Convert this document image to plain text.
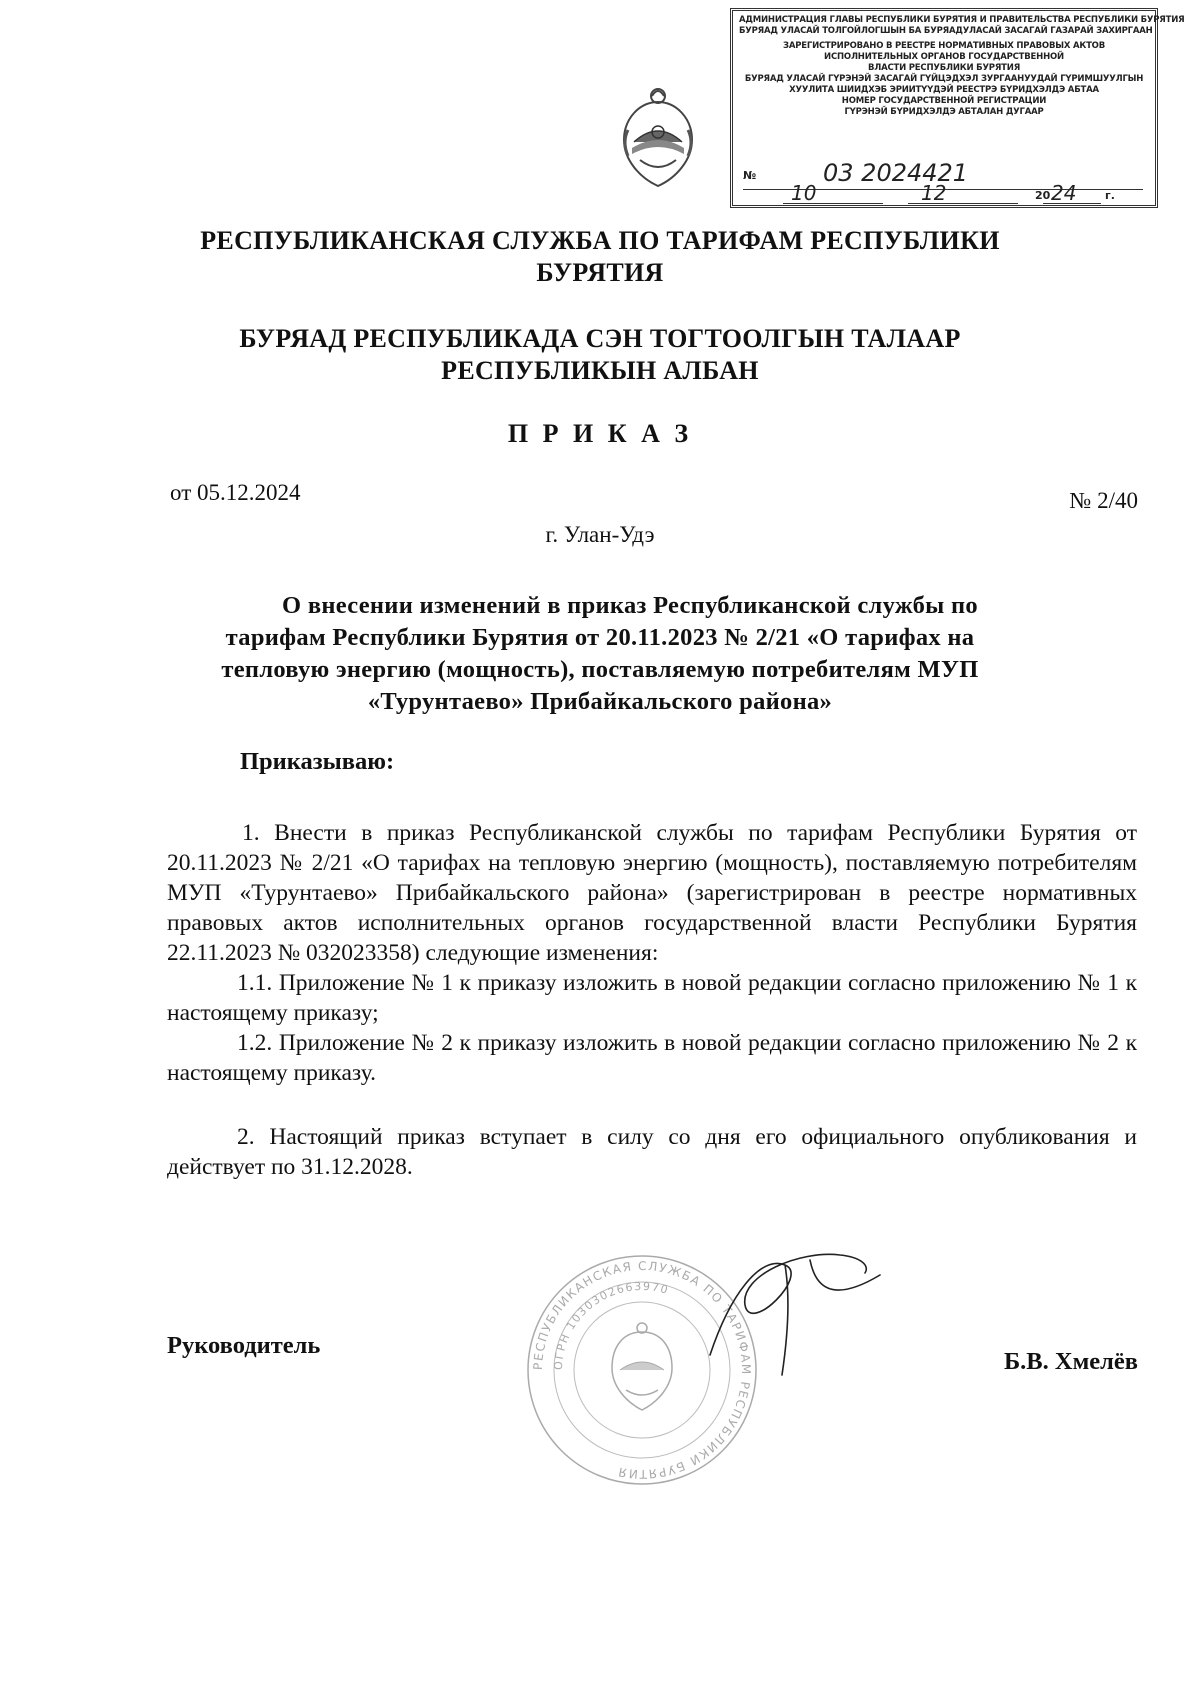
АДМИНИСТРАЦИЯ ГЛАВЫ РЕСПУБЛИКИ БУРЯТИЯ И ПРАВИТЕЛЬСТВА РЕСПУБЛИКИ БУРЯТИЯ
БУРЯАД УЛАСАЙ ТОЛГОЙЛОГШЫН БА БУРЯАДУЛАСАЙ ЗАСАГАЙ ГАЗАРАЙ ЗАХИРГААН
ЗАРЕГИСТРИРОВАНО В РЕЕСТРЕ НОРМАТИВНЫХ ПРАВОВЫХ АКТОВ
ИСПОЛНИТЕЛЬНЫХ ОРГАНОВ ГОСУДАРСТВЕННОЙ
ВЛАСТИ РЕСПУБЛИКИ БУРЯТИЯ
БУРЯАД УЛАСАЙ ГҮРЭНЭЙ ЗАСАГАЙ ГҮЙЦЭДХЭЛ ЗУРГААНУУДАЙ ГҮРИМШУУЛГЫН
ХУУЛИТА ШИИДХЭБ ЭРИИТҮҮДЭЙ РЕЕСТРЭ БҮРИДХЭЛДЭ АБТАА
НОМЕР ГОСУДАРСТВЕННОЙ РЕГИСТРАЦИИ
ГҮРЭНЭЙ БҮРИДХЭЛДЭ АБТАЛАН ДУГААР
№	03 2024421
10	12	20 24	г.
РЕСПУБЛИКАНСКАЯ СЛУЖБА ПО ТАРИФАМ РЕСПУБЛИКИ
БУРЯТИЯ
БУРЯАД РЕСПУБЛИКАДА СЭН ТОГТООЛГЫН ТАЛААР
РЕСПУБЛИКЫН АЛБАН
П Р И К А З
от 05.12.2024	№ 2/40
г. Улан-Удэ
О внесении изменений в приказ Республиканской службы по
тарифам Республики Бурятия от 20.11.2023 № 2/21 «О тарифах на
тепловую энергию (мощность), поставляемую потребителям МУП
«Турунтаево» Прибайкальского района»
Приказываю:

1. Внести в приказ Республиканской службы по тарифам Республики Бурятия от 20.11.2023 № 2/21 «О тарифах на тепловую энергию (мощность), поставляемую потребителям МУП «Турунтаево» Прибайкальского района» (зарегистрирован в реестре нормативных правовых актов исполнительных органов государственной власти Республики Бурятия 22.11.2023 № 032023358) следующие изменения:

1.1. Приложение № 1 к приказу изложить в новой редакции согласно приложению № 1 к настоящему приказу;

1.2. Приложение № 2 к приказу изложить в новой редакции согласно приложению № 2 к настоящему приказу.

2. Настоящий приказ вступает в силу со дня его официального опубликования и действует по 31.12.2028.

РЕСПУБЛИКАНСКАЯ СЛУЖБА ПО ТАРИФАМ РЕСПУБЛИКИ БУРЯТИЯ
ОГРН 1030302663970
Руководитель
Б.В. Хмелёв
